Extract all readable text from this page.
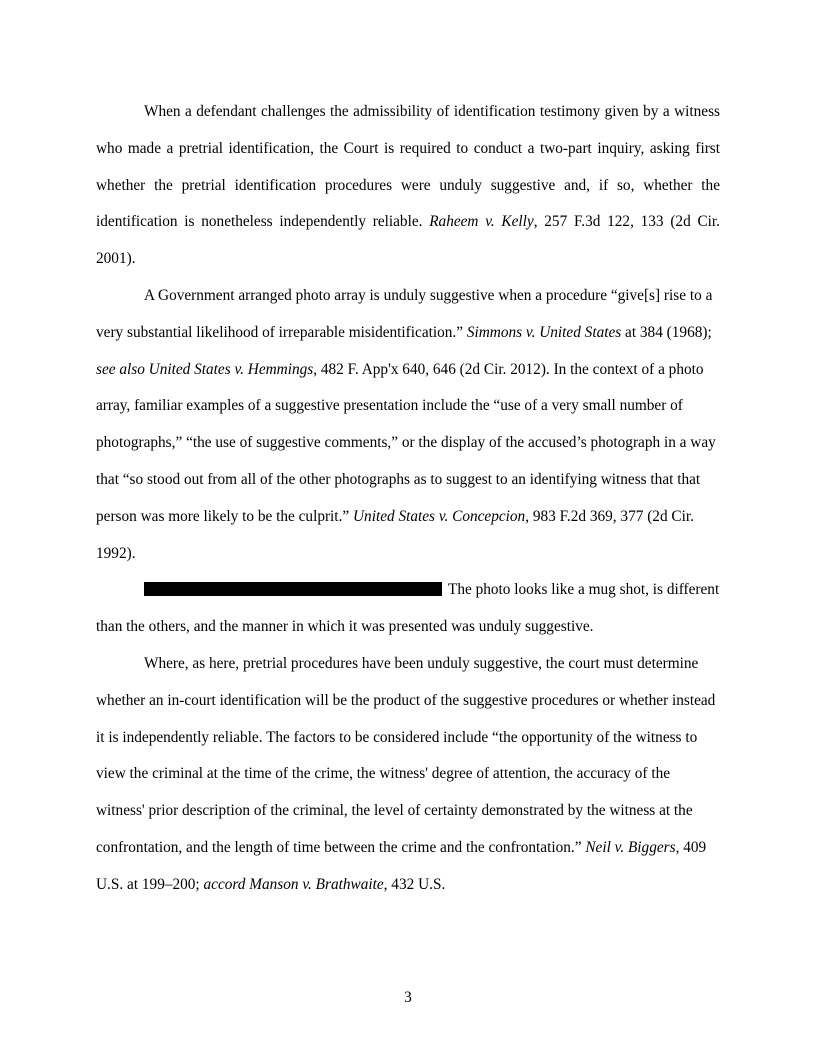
When a defendant challenges the admissibility of identification testimony given by a witness who made a pretrial identification, the Court is required to conduct a two-part inquiry, asking first whether the pretrial identification procedures were unduly suggestive and, if so, whether the identification is nonetheless independently reliable. Raheem v. Kelly, 257 F.3d 122, 133 (2d Cir. 2001).

A Government arranged photo array is unduly suggestive when a procedure “give[s] rise to a very substantial likelihood of irreparable misidentification.” Simmons v. United States at 384 (1968); see also United States v. Hemmings, 482 F. App'x 640, 646 (2d Cir. 2012). In the context of a photo array, familiar examples of a suggestive presentation include the “use of a very small number of photographs,” “the use of suggestive comments,” or the display of the accused’s photograph in a way that “so stood out from all of the other photographs as to suggest to an identifying witness that that person was more likely to be the culprit.” United States v. Concepcion, 983 F.2d 369, 377 (2d Cir. 1992).

The photo looks like a mug shot, is different than the others, and the manner in which it was presented was unduly suggestive.

Where, as here, pretrial procedures have been unduly suggestive, the court must determine whether an in-court identification will be the product of the suggestive procedures or whether instead it is independently reliable. The factors to be considered include “the opportunity of the witness to view the criminal at the time of the crime, the witness' degree of attention, the accuracy of the witness' prior description of the criminal, the level of certainty demonstrated by the witness at the confrontation, and the length of time between the crime and the confrontation.” Neil v. Biggers, 409 U.S. at 199–200; accord Manson v. Brathwaite, 432 U.S.

3
